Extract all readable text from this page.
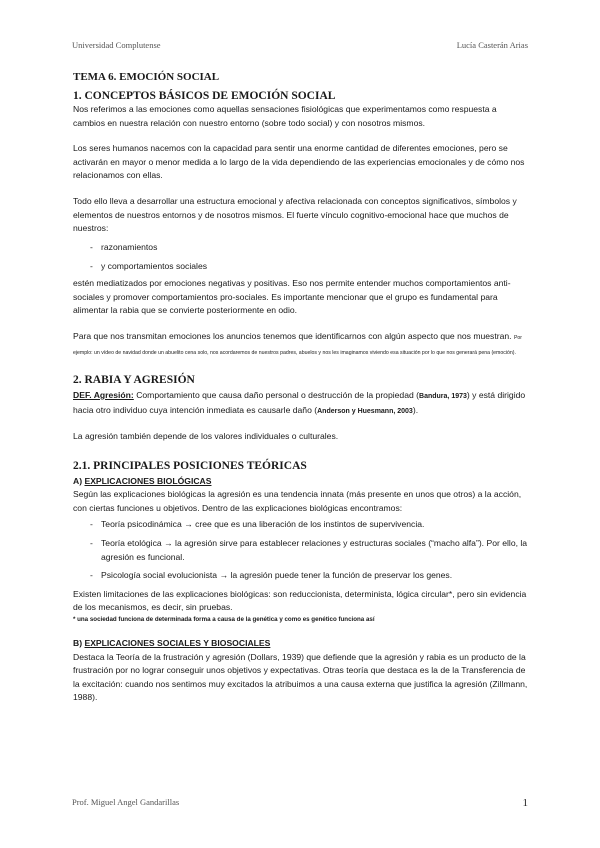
Universidad Complutense	Lucía Casterán Arias
TEMA 6. EMOCIÓN SOCIAL
1. CONCEPTOS BÁSICOS DE EMOCIÓN SOCIAL

Nos referimos a las emociones como aquellas sensaciones fisiológicas que experimentamos como respuesta a cambios en nuestra relación con nuestro entorno (sobre todo social) y con nosotros mismos.

Los seres humanos nacemos con la capacidad para sentir una enorme cantidad de diferentes emociones, pero se activarán en mayor o menor medida a lo largo de la vida dependiendo de las experiencias emocionales y de cómo nos relacionamos con ellas.

Todo ello lleva a desarrollar una estructura emocional y afectiva relacionada con conceptos significativos, símbolos y elementos de nuestros entornos y de nosotros mismos. El fuerte vínculo cognitivo-emocional hace que muchos de nuestros:

- razonamientos
- y comportamientos sociales

estén mediatizados por emociones negativas y positivas. Eso nos permite entender muchos comportamientos anti-sociales y promover comportamientos pro-sociales. Es importante mencionar que el grupo es fundamental para alimentar la rabia que se convierte posteriormente en odio.

Para que nos transmitan emociones los anuncios tenemos que identificarnos con algún aspecto que nos muestran. Por ejemplo: un vídeo de navidad donde un abuelito cena solo, nos acordaremos de nuestros padres, abuelos y nos les imaginamos viviendo esa situación por lo que nos generará pena (emoción).

2. RABIA Y AGRESIÓN

DEF. Agresión: Comportamiento que causa daño personal o destrucción de la propiedad (Bandura, 1973) y está dirigido hacia otro individuo cuya intención inmediata es causarle daño (Anderson y Huesmann, 2003).

La agresión también depende de los valores individuales o culturales.

2.1. PRINCIPALES POSICIONES TEÓRICAS

A) EXPLICACIONES BIOLÓGICAS

Según las explicaciones biológicas la agresión es una tendencia innata (más presente en unos que otros) a la acción, con ciertas funciones u objetivos. Dentro de las explicaciones biológicas encontramos:

- Teoría psicodinámica → cree que es una liberación de los instintos de supervivencia.
- Teoría etológica → la agresión sirve para establecer relaciones y estructuras sociales (“macho alfa”). Por ello, la agresión es funcional.
- Psicología social evolucionista → la agresión puede tener la función de preservar los genes.

Existen limitaciones de las explicaciones biológicas: son reduccionista, determinista, lógica circular*, pero sin evidencia de los mecanismos, es decir, sin pruebas.

* una sociedad funciona de determinada forma a causa de la genética y como es genético funciona así

B) EXPLICACIONES SOCIALES Y BIOSOCIALES

Destaca la Teoría de la frustración y agresión (Dollars, 1939) que defiende que la agresión y rabia es un producto de la frustración por no lograr conseguir unos objetivos y expectativas. Otras teoría que destaca es la de la Transferencia de la excitación: cuando nos sentimos muy excitados la atribuimos a una causa externa que justifica la agresión (Zillmann, 1988).

Prof. Miguel Angel Gandarillas	1
